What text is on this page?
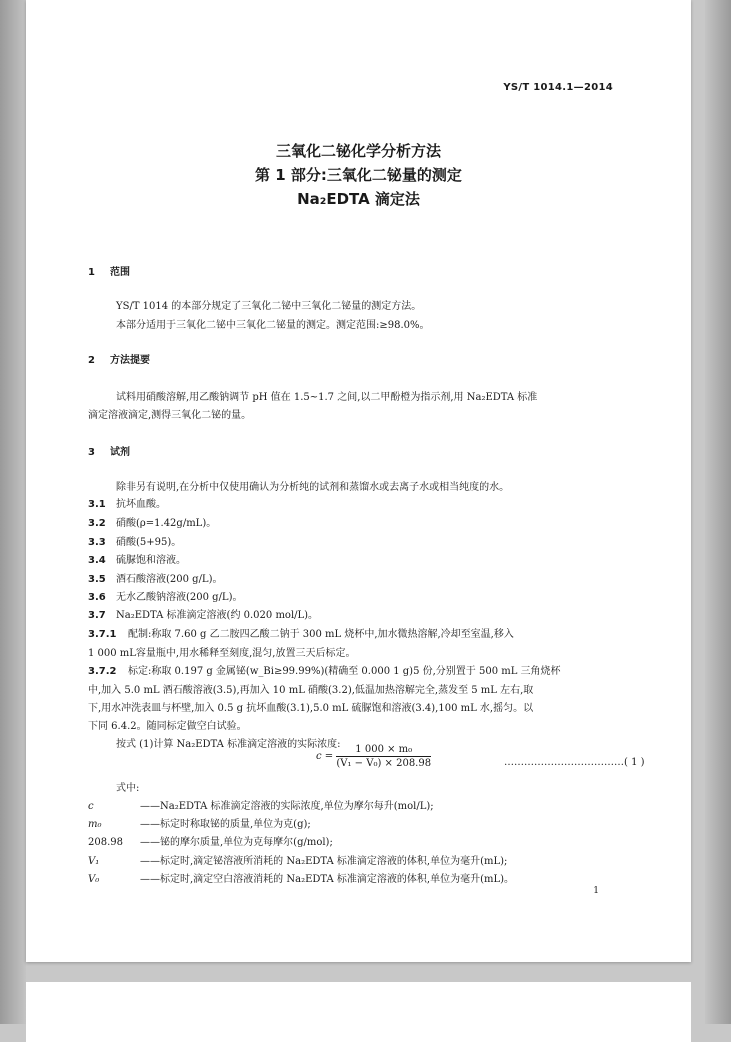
YS/T 1014.1—2014
三氧化二铋化学分析方法
第 1 部分:三氧化二铋量的测定
Na₂EDTA 滴定法
1 范围
YS/T 1014 的本部分规定了三氧化二铋中三氧化二铋量的测定方法。
本部分适用于三氧化二铋中三氧化二铋量的测定。测定范围:≥98.0%。
2 方法提要
试料用硝酸溶解,用乙酸钠调节 pH 值在 1.5~1.7 之间,以二甲酚橙为指示剂,用 Na₂EDTA 标准
滴定溶液滴定,测得三氧化二铋的量。
3 试剂
除非另有说明,在分析中仅使用确认为分析纯的试剂和蒸馏水或去离子水或相当纯度的水。
3.1 抗坏血酸。
3.2 硝酸(ρ=1.42g/mL)。
3.3 硝酸(5+95)。
3.4 硫脲饱和溶液。
3.5 酒石酸溶液(200 g/L)。
3.6 无水乙酸钠溶液(200 g/L)。
3.7 Na₂EDTA 标准滴定溶液(约 0.020 mol/L)。
3.7.1 配制:称取 7.60 g 乙二胺四乙酸二钠于 300 mL 烧杯中,加水微热溶解,冷却至室温,移入
1 000 mL容量瓶中,用水稀释至刻度,混匀,放置三天后标定。
3.7.2 标定:称取 0.197 g 金属铋(w_Bi≥99.99%)(精确至 0.000 1 g)5 份,分别置于 500 mL 三角烧杯
中,加入 5.0 mL 酒石酸溶液(3.5),再加入 10 mL 硝酸(3.2),低温加热溶解完全,蒸发至 5 mL 左右,取
下,用水冲洗表皿与杯壁,加入 0.5 g 抗坏血酸(3.1),5.0 mL 硫脲饱和溶液(3.4),100 mL 水,摇匀。以
下同 6.4.2。随同标定做空白试验。
按式 (1)计算 Na₂EDTA 标准滴定溶液的实际浓度:
$c = \frac{\text{1 000 × m₀}}{\text{(V₁ − V₀) × 208.98}}$	………………………………( 1 )
式中:
c	——Na₂EDTA 标准滴定溶液的实际浓度,单位为摩尔每升(mol/L);
m₀	——标定时称取铋的质量,单位为克(g);
208.98 ——铋的摩尔质量,单位为克每摩尔(g/mol);
V₁	——标定时,滴定铋溶液所消耗的 Na₂EDTA 标准滴定溶液的体积,单位为毫升(mL);
V₀	——标定时,滴定空白溶液消耗的 Na₂EDTA 标准滴定溶液的体积,单位为毫升(mL)。
1
